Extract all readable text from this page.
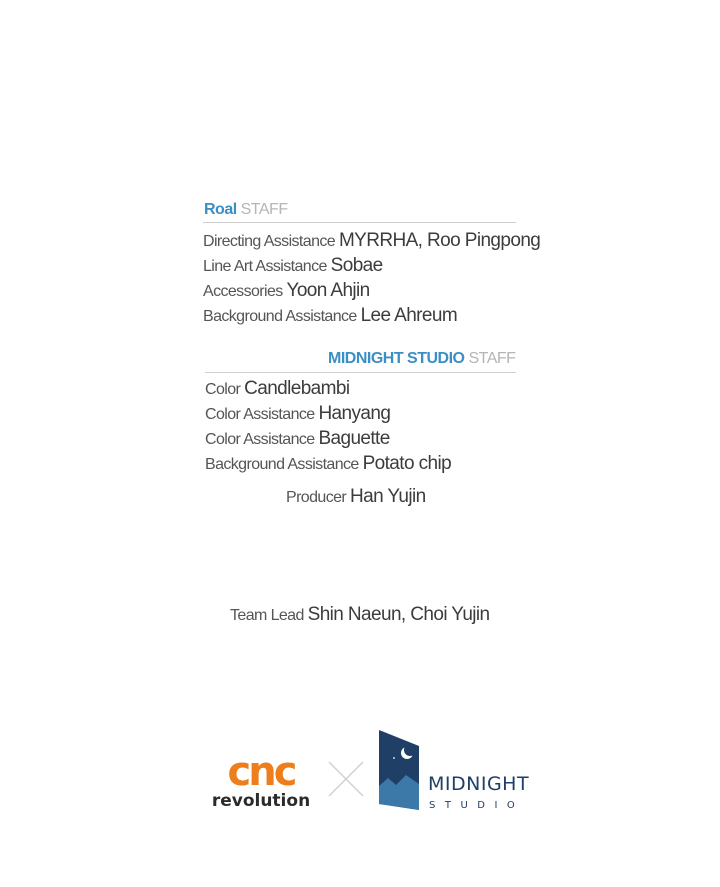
Roal STAFF
Directing Assistance MYRRHA, Roo Pingpong
Line Art Assistance Sobae
Accessories Yoon Ahjin
Background Assistance Lee Ahreum
MIDNIGHT STUDIO STAFF
Color Candlebambi
Color Assistance Hanyang
Color Assistance Baguette
Background Assistance Potato chip
Producer Han Yujin
Team Lead Shin Naeun, Choi Yujin
cnc
revolution
MIDNIGHT
STUDIO
